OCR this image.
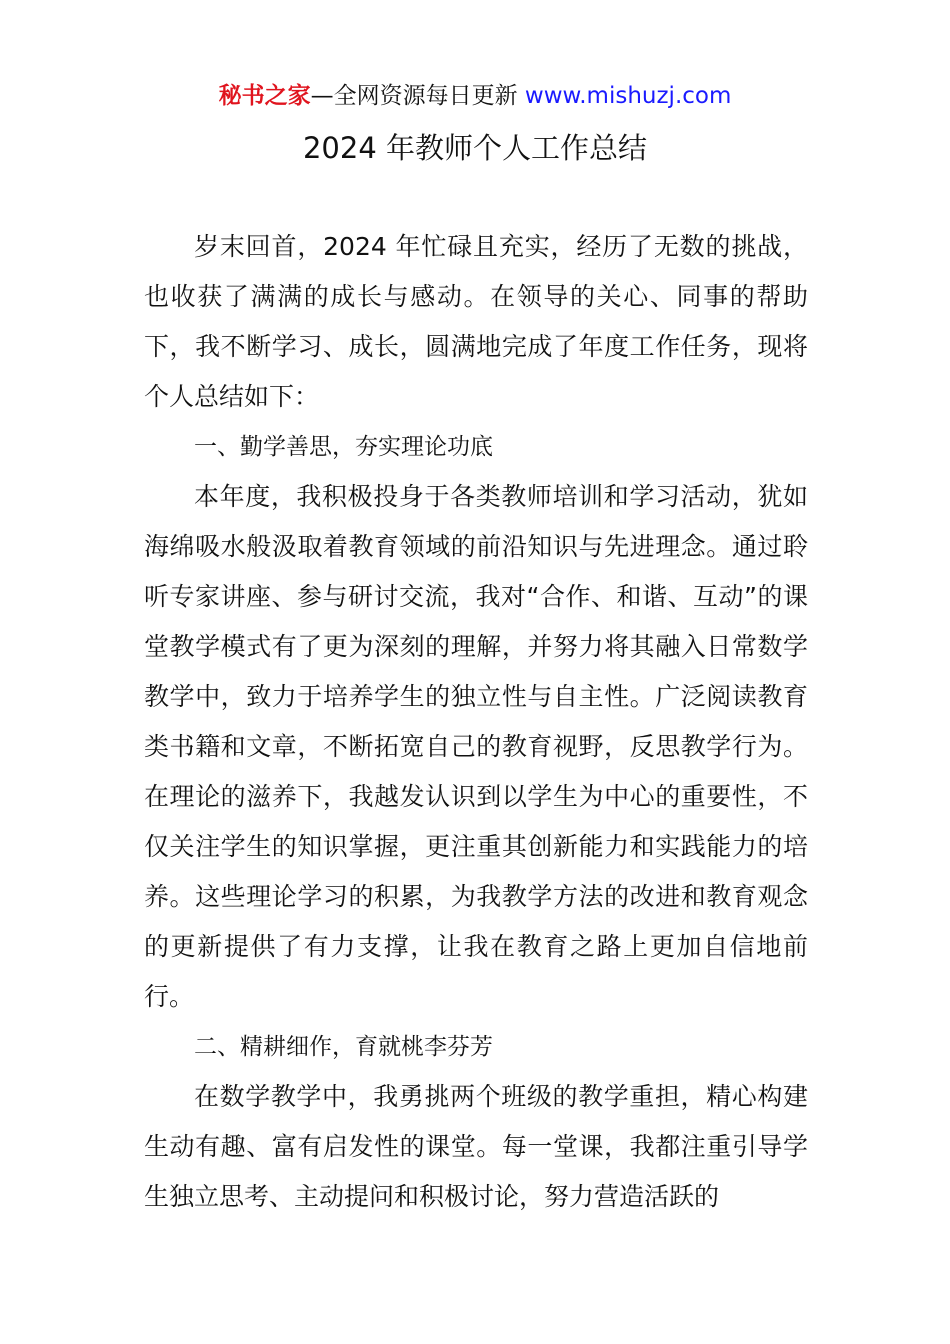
秘书之家—全网资源每日更新 www.mishuzj.com
2024 年教师个人工作总结

岁末回首，2024 年忙碌且充实，经历了无数的挑战，也收获了满满的成长与感动。在领导的关心、同事的帮助下，我不断学习、成长，圆满地完成了年度工作任务，现将个人总结如下：

一、勤学善思，夯实理论功底

本年度，我积极投身于各类教师培训和学习活动，犹如海绵吸水般汲取着教育领域的前沿知识与先进理念。通过聆听专家讲座、参与研讨交流，我对“合作、和谐、互动”的课堂教学模式有了更为深刻的理解，并努力将其融入日常数学教学中，致力于培养学生的独立性与自主性。广泛阅读教育类书籍和文章，不断拓宽自己的教育视野，反思教学行为。在理论的滋养下，我越发认识到以学生为中心的重要性，不仅关注学生的知识掌握，更注重其创新能力和实践能力的培养。这些理论学习的积累，为我教学方法的改进和教育观念的更新提供了有力支撑，让我在教育之路上更加自信地前行。

二、精耕细作，育就桃李芬芳

在数学教学中，我勇挑两个班级的教学重担，精心构建生动有趣、富有启发性的课堂。每一堂课，我都注重引导学生独立思考、主动提问和积极讨论，努力营造活跃的
